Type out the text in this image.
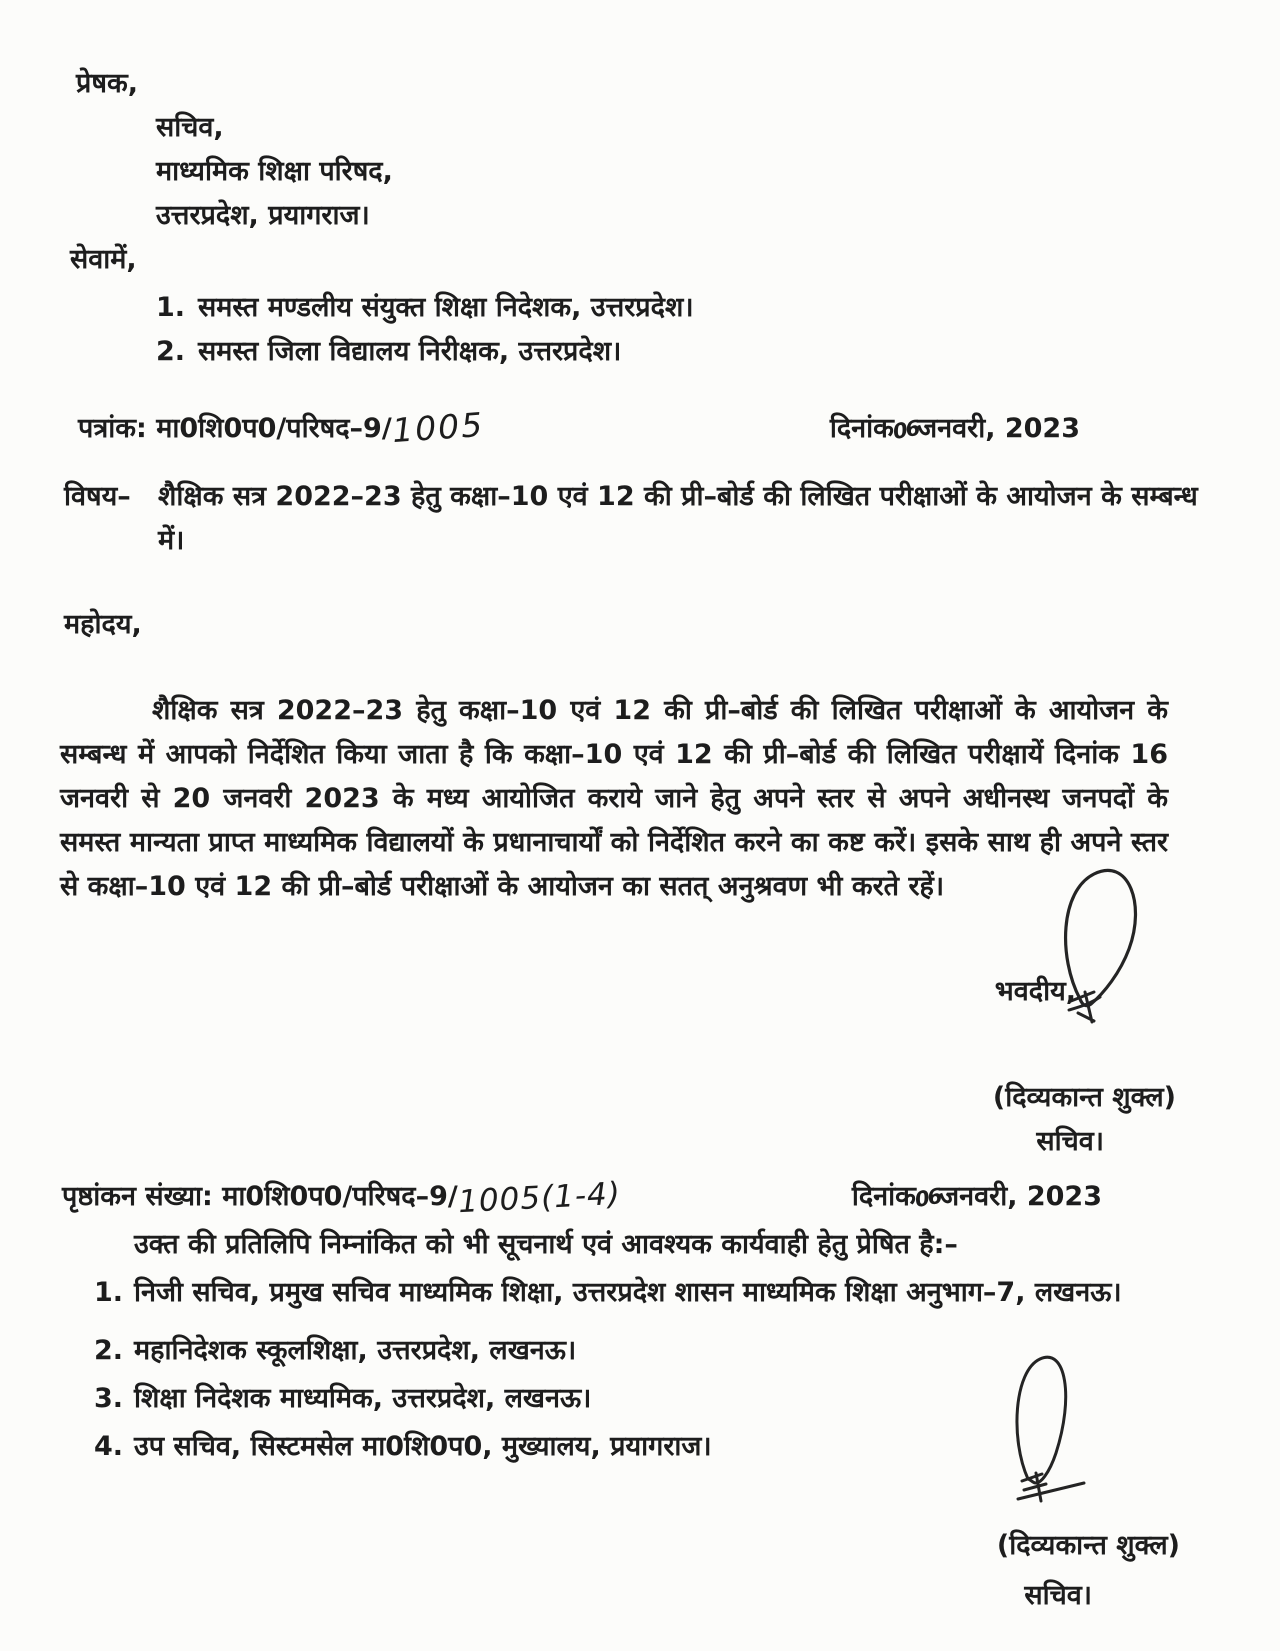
प्रेषक,
सचिव,
माध्यमिक शिक्षा परिषद,
उत्तरप्रदेश, प्रयागराज।
सेवामें,
1. समस्त मण्डलीय संयुक्त शिक्षा निदेशक, उत्तरप्रदेश।
2. समस्त जिला विद्यालय निरीक्षक, उत्तरप्रदेश।
पत्रांक: मा0शि0प0/परिषद–9/1005	दिनांक06जनवरी, 2023
विषय–	शैक्षिक सत्र 2022–23 हेतु कक्षा–10 एवं 12 की प्री–बोर्ड की लिखित परीक्षाओं के आयोजन के सम्बन्ध में।
महोदय,
शैक्षिक सत्र 2022–23 हेतु कक्षा–10 एवं 12 की प्री–बोर्ड की लिखित परीक्षाओं के आयोजन के सम्बन्ध में आपको निर्देशित किया जाता है कि कक्षा–10 एवं 12 की प्री–बोर्ड की लिखित परीक्षायें दिनांक 16 जनवरी से 20 जनवरी 2023 के मध्य आयोजित कराये जाने हेतु अपने स्तर से अपने अधीनस्थ जनपदों के समस्त मान्यता प्राप्त माध्यमिक विद्यालयों के प्रधानाचार्यों को निर्देशित करने का कष्ट करें। इसके साथ ही अपने स्तर से कक्षा–10 एवं 12 की प्री–बोर्ड परीक्षाओं के आयोजन का सतत् अनुश्रवण भी करते रहें।
भवदीय,
(दिव्यकान्त शुक्ल)
सचिव।
पृष्ठांकन संख्या: मा0शि0प0/परिषद–9/1005(1-4)	दिनांक06जनवरी, 2023
उक्त की प्रतिलिपि निम्नांकित को भी सूचनार्थ एवं आवश्यक कार्यवाही हेतु प्रेषित है:–
1. निजी सचिव, प्रमुख सचिव माध्यमिक शिक्षा, उत्तरप्रदेश शासन माध्यमिक शिक्षा अनुभाग–7, लखनऊ।
2. महानिदेशक स्कूलशिक्षा, उत्तरप्रदेश, लखनऊ।
3. शिक्षा निदेशक माध्यमिक, उत्तरप्रदेश, लखनऊ।
4. उप सचिव, सिस्टमसेल मा0शि0प0, मुख्यालय, प्रयागराज।
(दिव्यकान्त शुक्ल)
सचिव।
